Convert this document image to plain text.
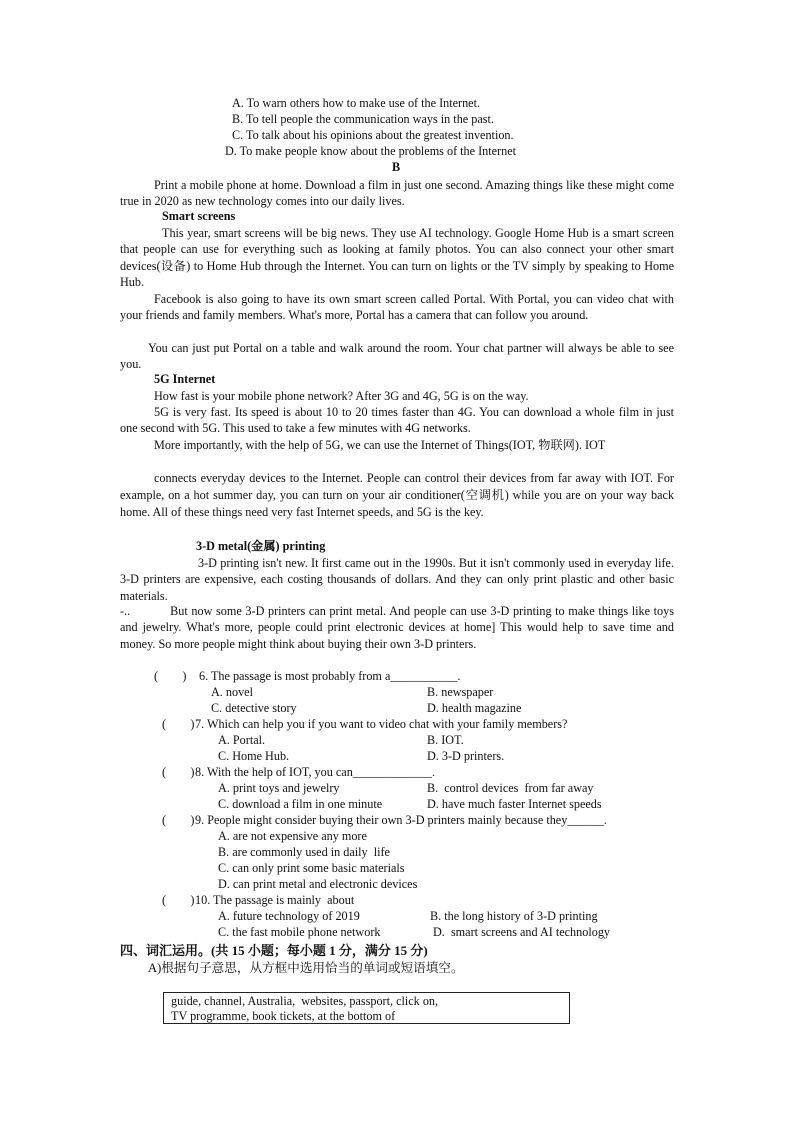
A. To warn others how to make use of the Internet.
B. To tell people the communication ways in the past.
C. To talk about his opinions about the greatest invention.
D. To make people know about the problems of the Internet
B
Print a mobile phone at home. Download a film in just one second. Amazing things like these might come true in 2020 as new technology comes into our daily lives.
Smart screens
This year, smart screens will be big news. They use AI technology. Google Home Hub is a smart screen that people can use for everything such as looking at family photos. You can also connect your other smart devices(设备) to Home Hub through the Internet. You can turn on lights or the TV simply by speaking to Home Hub.
Facebook is also going to have its own smart screen called Portal. With Portal, you can video chat with your friends and family members. What's more, Portal has a camera that can follow you around.
You can just put Portal on a table and walk around the room. Your chat partner will always be able to see you.
5G Internet
How fast is your mobile phone network? After 3G and 4G, 5G is on the way.
5G is very fast. Its speed is about 10 to 20 times faster than 4G. You can download a whole film in just one second with 5G. This used to take a few minutes with 4G networks.
More importantly, with the help of 5G, we can use the Internet of Things(IOT, 物联网). IOT
connects everyday devices to the Internet. People can control their devices from far away with IOT. For example, on a hot summer day, you can turn on your air conditioner(空调机) while you are on your way back home. All of these things need very fast Internet speeds, and 5G is the key.
3-D metal(金属) printing
3-D printing isn't new. It first came out in the 1990s. But it isn't commonly used in everyday life. 3-D printers are expensive, each costing thousands of dollars. And they can only print plastic and other basic materials.
-..           But now some 3-D printers can print metal. And people can use 3-D printing to make things like toys and jewelry. What's more, people could print electronic devices at home] This would help to save time and money. So more people might think about buying their own 3-D printers.
(        ) 6. The passage is most probably from a___________.
A. novel	B. newspaper
C. detective story	D. health magazine
(        ) 7. Which can help you if you want to video chat with your family members?
A. Portal.	B. IOT.
C. Home Hub.	D. 3-D printers.
(        ) 8. With the help of IOT, you can_____________.
A. print toys and jewelry	B.  control devices  from far away
C. download a film in one minute	D. have much faster Internet speeds
(        ) 9. People might consider buying their own 3-D printers mainly because they______.
A. are not expensive any more
B. are commonly used in daily  life
C. can only print some basic materials
D. can print metal and electronic devices
(        ) 10. The passage is mainly  about
A. future technology of 2019	B. the long history of 3-D printing
C. the fast mobile phone network	D.  smart screens and AI technology
四、词汇运用。(共 15 小题；每小题 1 分，满分 15 分)
A)根据句子意思，从方框中选用恰当的单词或短语填空。
guide, channel, Australia,  websites, passport, click on,
TV programme, book tickets, at the bottom of
